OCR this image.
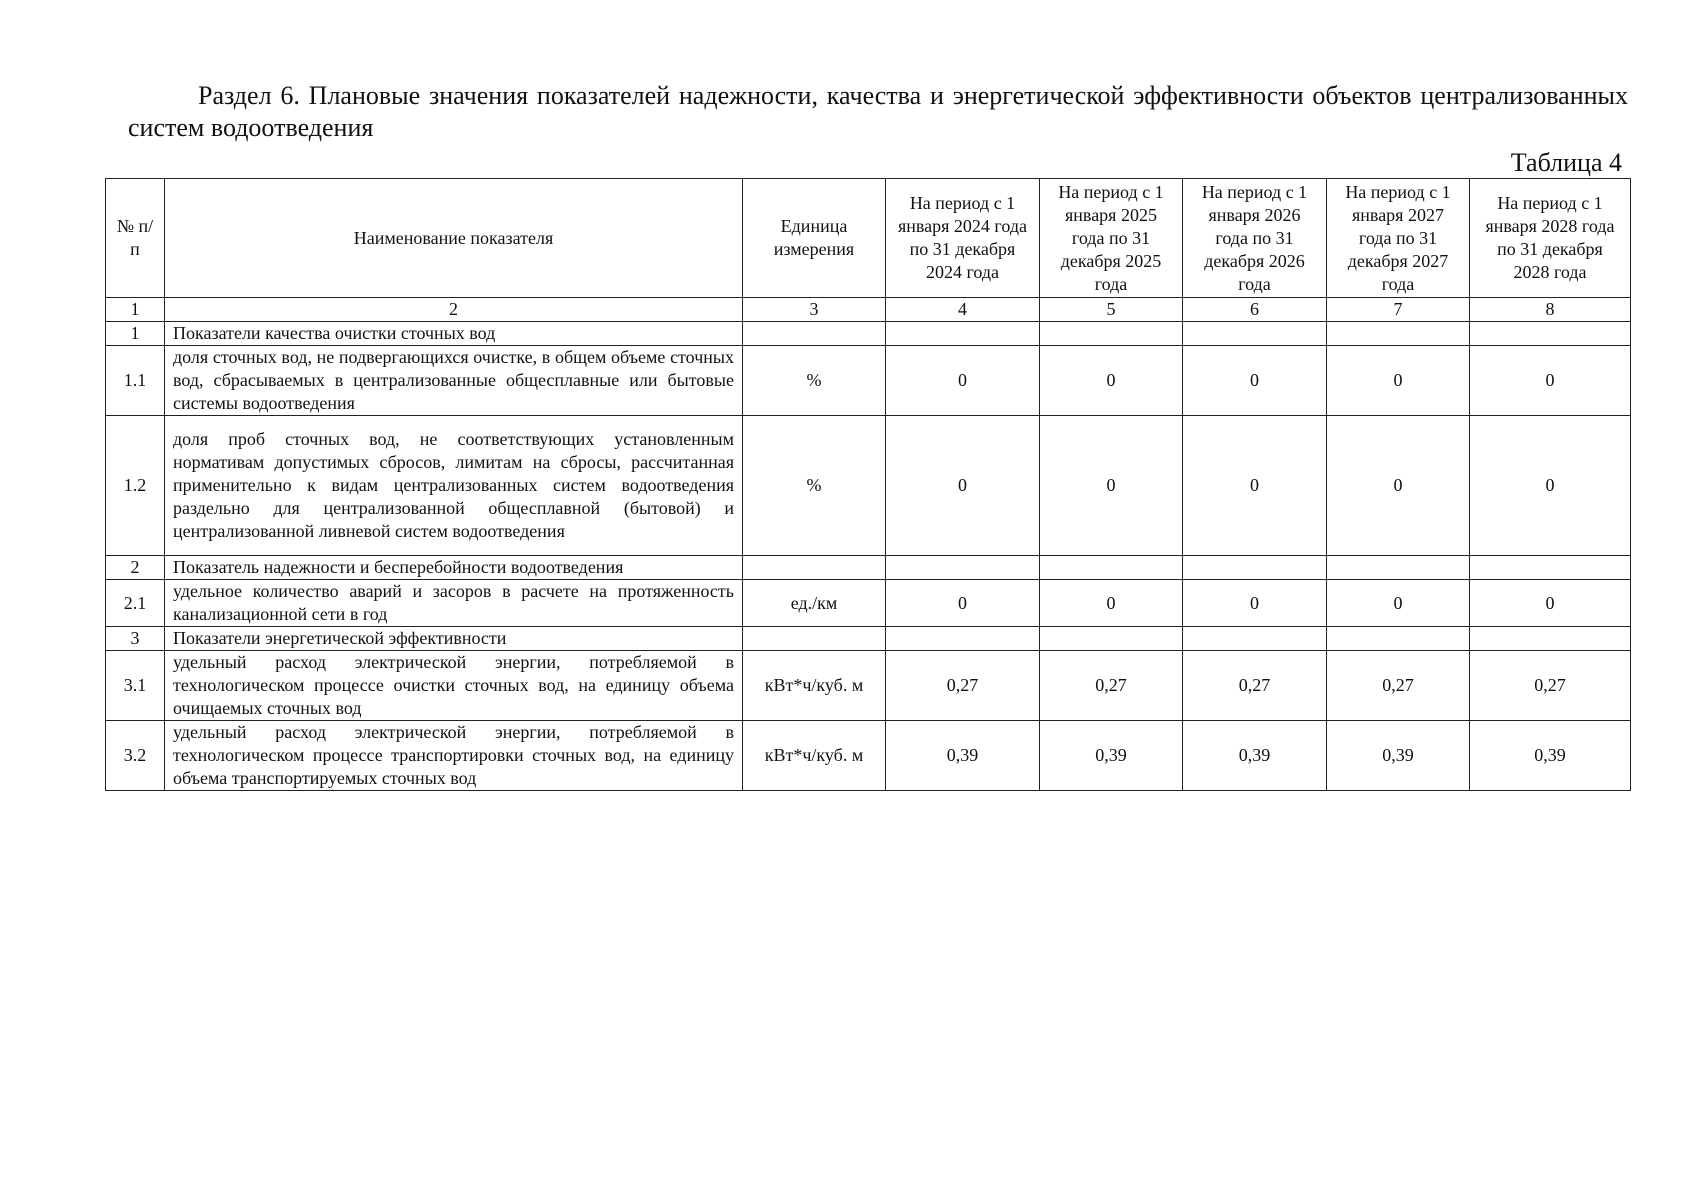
Раздел 6. Плановые значения показателей надежности, качества и энергетической эффективности объектов централизованных систем водоотведения
Таблица 4
№ п/п	Наименование показателя	Единица измерения	На период с 1 января 2024 года по 31 декабря 2024 года	На период с 1 января 2025 года по 31 декабря 2025 года	На период с 1 января 2026 года по 31 декабря 2026 года	На период с 1 января 2027 года по 31 декабря 2027 года	На период с 1 января 2028 года по 31 декабря 2028 года
1	2	3	4	5	6	7	8
1	Показатели качества очистки сточных вод						
1.1	доля сточных вод, не подвергающихся очистке, в общем объеме сточных вод, сбрасываемых в централизованные общесплавные или бытовые системы водоотведения	%	0	0	0	0	0
1.2	доля проб сточных вод, не соответствующих установленным нормативам допустимых сбросов, лимитам на сбросы, рассчитанная применительно к видам централизованных систем водоотведения раздельно для централизованной общесплавной (бытовой) и централизованной ливневой систем водоотведения	%	0	0	0	0	0
2	Показатель надежности и бесперебойности водоотведения						
2.1	удельное количество аварий и засоров в расчете на протяженность канализационной сети в год	ед./км	0	0	0	0	0
3	Показатели энергетической эффективности						
3.1	удельный расход электрической энергии, потребляемой в технологическом процессе очистки сточных вод, на единицу объема очищаемых сточных вод	кВт*ч/куб. м	0,27	0,27	0,27	0,27	0,27
3.2	удельный расход электрической энергии, потребляемой в технологическом процессе транспортировки сточных вод, на единицу объема транспортируемых сточных вод	кВт*ч/куб. м	0,39	0,39	0,39	0,39	0,39
